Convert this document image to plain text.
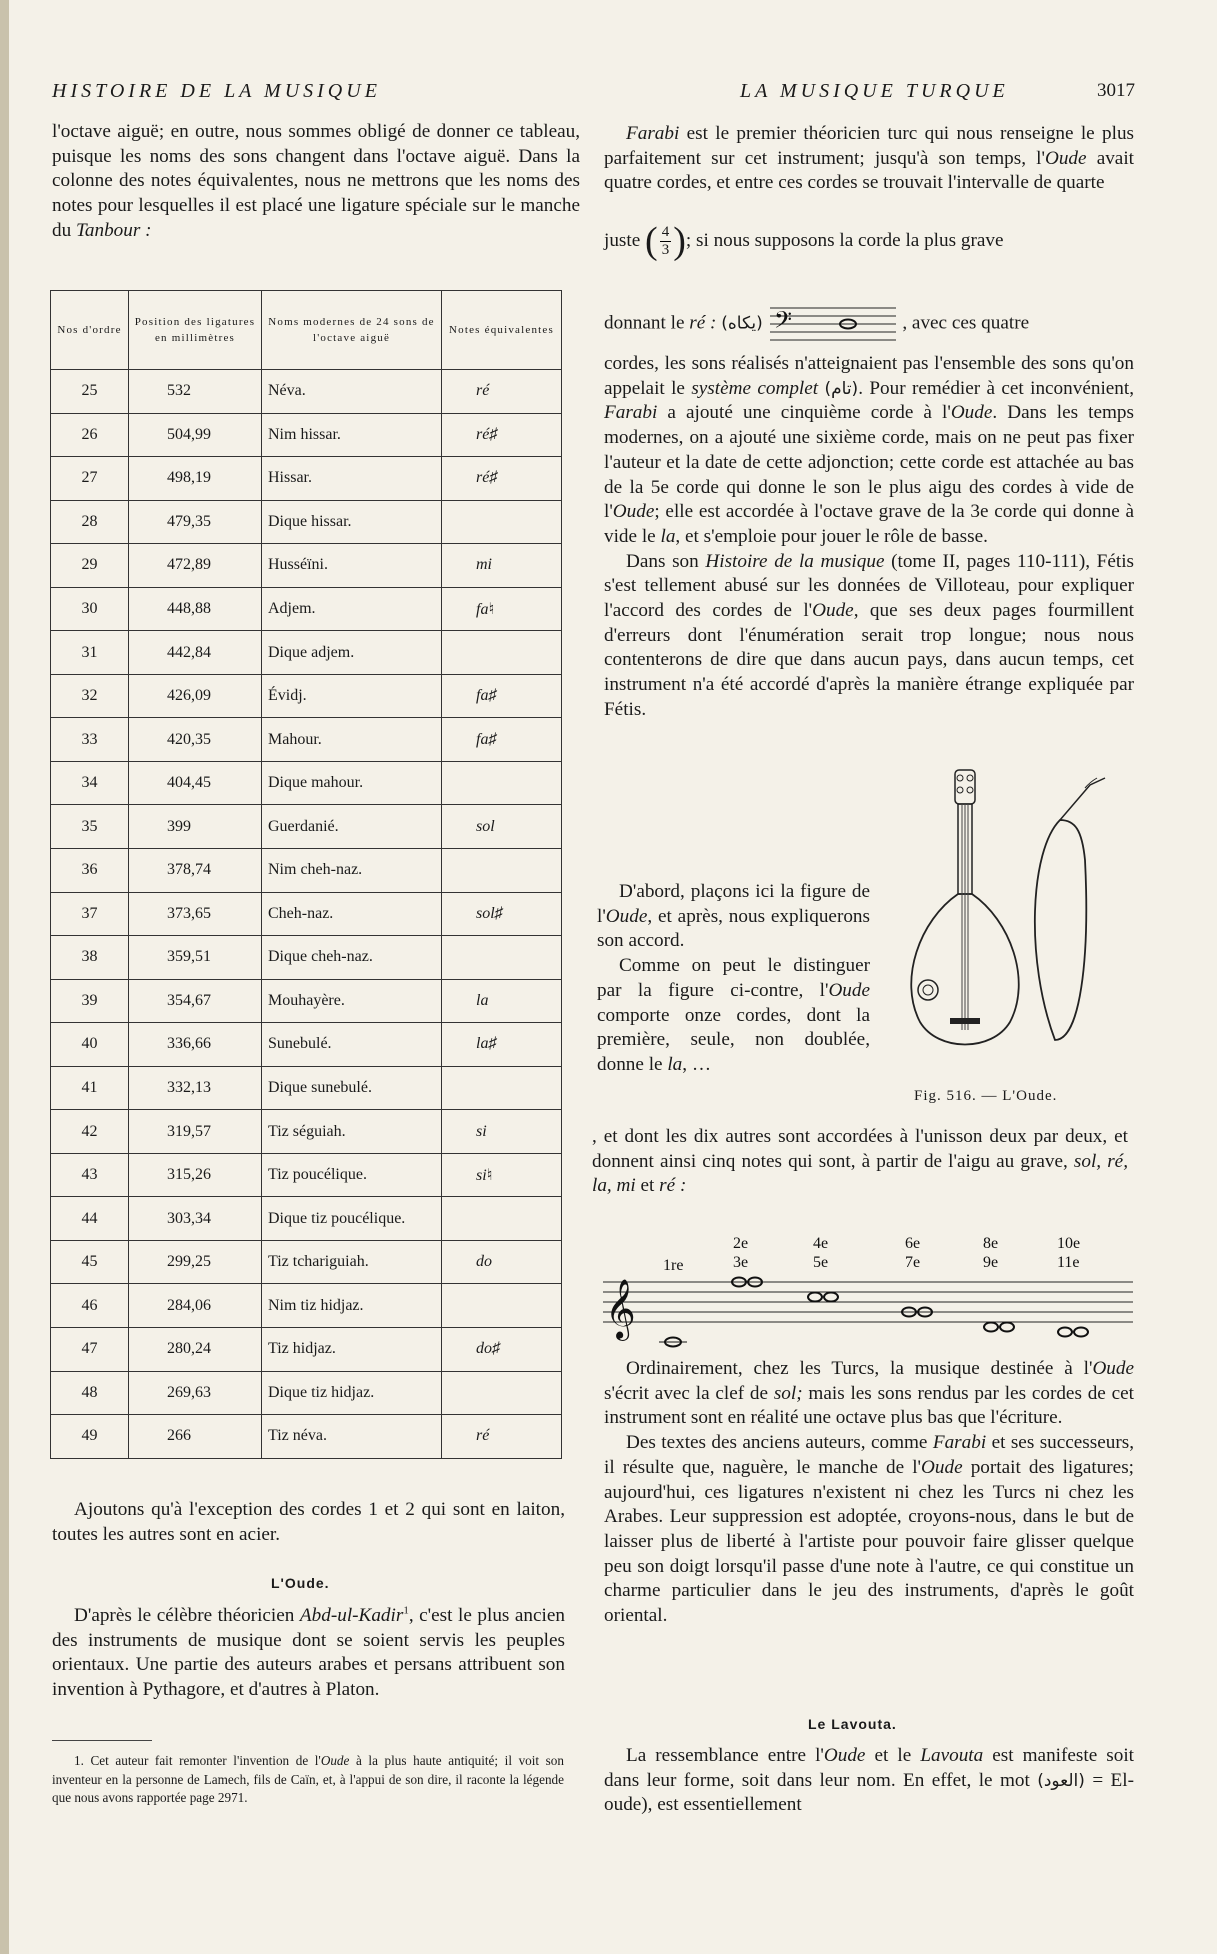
HISTOIRE DE LA MUSIQUE	LA MUSIQUE TURQUE	3017

l'octave aiguë; en outre, nous sommes obligé de donner ce tableau, puisque les noms des sons changent dans l'octave aiguë. Dans la colonne des notes équivalentes, nous ne mettrons que les noms des notes pour lesquelles il est placé une ligature spéciale sur le manche du Tanbour :

Nos d'ordre	Position des ligatures en millimètres	Noms modernes de 24 sons de l'octave aiguë	Notes équivalentes
25	532	Néva.	ré
26	504,99	Nim hissar.	ré♯
27	498,19	Hissar.	ré♯
28	479,35	Dique hissar.	
29	472,89	Husséïni.	mi
30	448,88	Adjem.	fa♮
31	442,84	Dique adjem.	
32	426,09	Évidj.	fa♯
33	420,35	Mahour.	fa♯
34	404,45	Dique mahour.	
35	399	Guerdanié.	sol
36	378,74	Nim cheh-naz.	
37	373,65	Cheh-naz.	sol♯
38	359,51	Dique cheh-naz.	
39	354,67	Mouhayère.	la
40	336,66	Sunebulé.	la♯
41	332,13	Dique sunebulé.	
42	319,57	Tiz séguiah.	si
43	315,26	Tiz poucélique.	si♮
44	303,34	Dique tiz poucélique.	
45	299,25	Tiz tchariguiah.	do
46	284,06	Nim tiz hidjaz.	
47	280,24	Tiz hidjaz.	do♯
48	269,63	Dique tiz hidjaz.	
49	266	Tiz néva.	ré

Ajoutons qu'à l'exception des cordes 1 et 2 qui sont en laiton, toutes les autres sont en acier.

L'Oude.

D'après le célèbre théoricien Abd-ul-Kadir$^1$, c'est le plus ancien des instruments de musique dont se soient servis les peuples orientaux. Une partie des auteurs arabes et persans attribuent son invention à Pythagore, et d'autres à Platon.

1. Cet auteur fait remonter l'invention de l'Oude à la plus haute antiquité; il voit son inventeur en la personne de Lamech, fils de Caïn, et, à l'appui de son dire, il raconte la légende que nous avons rapportée page 2971.

Farabi est le premier théoricien turc qui nous renseigne le plus parfaitement sur cet instrument; jusqu'à son temps, l'Oude avait quatre cordes, et entre ces cordes se trouvait l'intervalle de quarte

juste ( $\frac{4}{3}$); si nous supposons la corde la plus grave
donnant le ré : (یکاه) 𝄢	, avec ces quatre

cordes, les sons réalisés n'atteignaient pas l'ensemble des sons qu'on appelait le système complet (تام). Pour remédier à cet inconvénient, Farabi a ajouté une cinquième corde à l'Oude. Dans les temps modernes, on a ajouté une sixième corde, mais on ne peut pas fixer l'auteur et la date de cette adjonction; cette corde est attachée au bas de la 5e corde qui donne le son le plus aigu des cordes à vide de l'Oude; elle est accordée à l'octave grave de la 3e corde qui donne à vide le la, et s'emploie pour jouer le rôle de basse.

Dans son Histoire de la musique (tome II, pages 110-111), Fétis s'est tellement abusé sur les données de Villoteau, pour expliquer l'accord des cordes de l'Oude, que ses deux pages fourmillent d'erreurs dont l'énumération serait trop longue; nous nous contenterons de dire que dans aucun pays, dans aucun temps, cet instrument n'a été accordé d'après la manière étrange expliquée par Fétis.

D'abord, plaçons ici la figure de l'Oude, et après, nous expliquerons son accord.

Comme on peut le distinguer par la figure ci-contre, l'Oude comporte onze cordes, dont la première, seule, non doublée, donne le la, …

Fig. 516. — L'Oude.

, et dont les dix autres sont accordées à l'unisson deux par deux, et donnent ainsi cinq notes qui sont, à partir de l'aigu au grave, sol, ré, la, mi et ré :

1re
2e
3e
4e
5e
6e
7e
8e
9e
10e
11e
𝄞

Ordinairement, chez les Turcs, la musique destinée à l'Oude s'écrit avec la clef de sol; mais les sons rendus par les cordes de cet instrument sont en réalité une octave plus bas que l'écriture.

Des textes des anciens auteurs, comme Farabi et ses successeurs, il résulte que, naguère, le manche de l'Oude portait des ligatures; aujourd'hui, ces ligatures n'existent ni chez les Turcs ni chez les Arabes. Leur suppression est adoptée, croyons-nous, dans le but de laisser plus de liberté à l'artiste pour pouvoir faire glisser quelque peu son doigt lorsqu'il passe d'une note à l'autre, ce qui constitue un charme particulier dans le jeu des instruments, d'après le goût oriental.

Le Lavouta.

La ressemblance entre l'Oude et le Lavouta est manifeste soit dans leur forme, soit dans leur nom. En effet, le mot (العود) = El-oude), est essentiellement
